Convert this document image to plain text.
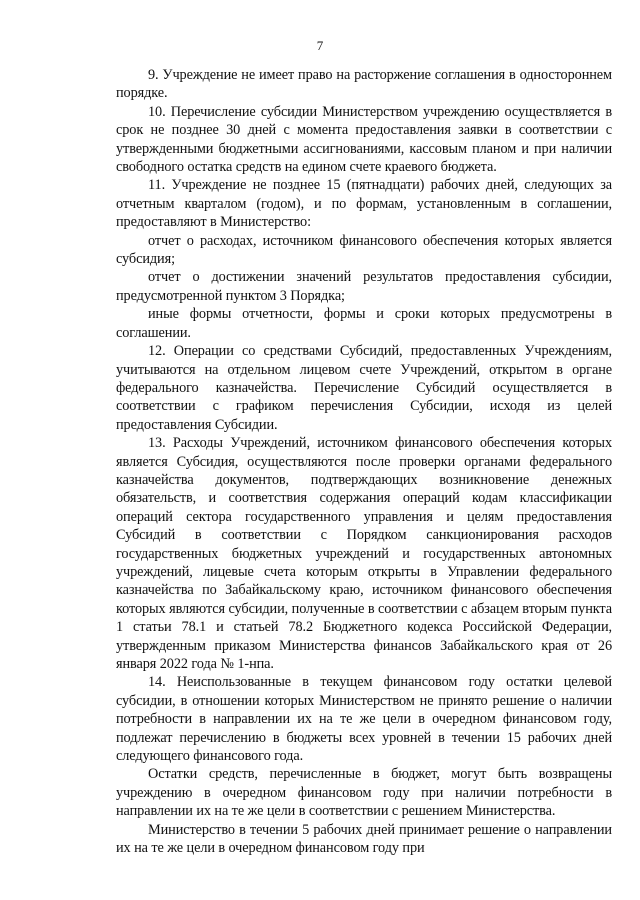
7

9. Учреждение не имеет право на расторжение соглашения в одностороннем порядке.

10. Перечисление субсидии Министерством учреждению осуществляется в срок не позднее 30 дней с момента предоставления заявки в соответствии с утвержденными бюджетными ассигнованиями, кассовым планом и при наличии свободного остатка средств на едином счете краевого бюджета.

11. Учреждение не позднее 15 (пятнадцати) рабочих дней, следующих за отчетным кварталом (годом), и по формам, установленным в соглашении, предоставляют в Министерство:

отчет о расходах, источником финансового обеспечения которых является субсидия;

отчет о достижении значений результатов предоставления субсидии, предусмотренной пунктом 3 Порядка;

иные формы отчетности, формы и сроки которых предусмотрены в соглашении.

12. Операции со средствами Субсидий, предоставленных Учреждениям, учитываются на отдельном лицевом счете Учреждений, открытом в органе федерального казначейства. Перечисление Субсидий осуществляется в соответствии с графиком перечисления Субсидии, исходя из целей предоставления Субсидии.

13. Расходы Учреждений, источником финансового обеспечения которых является Субсидия, осуществляются после проверки органами федерального казначейства документов, подтверждающих возникновение денежных обязательств, и соответствия содержания операций кодам классификации операций сектора государственного управления и целям предоставления Субсидий в соответствии с Порядком санкционирования расходов государственных бюджетных учреждений и государственных автономных учреждений, лицевые счета которым открыты в Управлении федерального казначейства по Забайкальскому краю, источником финансового обеспечения которых являются субсидии, полученные в соответствии с абзацем вторым пункта 1 статьи 78.1 и статьей 78.2 Бюджетного кодекса Российской Федерации, утвержденным приказом Министерства финансов Забайкальского края от 26 января 2022 года № 1-нпа.

14. Неиспользованные в текущем финансовом году остатки целевой субсидии, в отношении которых Министерством не принято решение о наличии потребности в направлении их на те же цели в очередном финансовом году, подлежат перечислению в бюджеты всех уровней в течении 15 рабочих дней следующего финансового года.

Остатки средств, перечисленные в бюджет, могут быть возвращены учреждению в очередном финансовом году при наличии потребности в направлении их на те же цели в соответствии с решением Министерства.

Министерство в течении 5 рабочих дней принимает решение о направлении их на те же цели в очередном финансовом году при
